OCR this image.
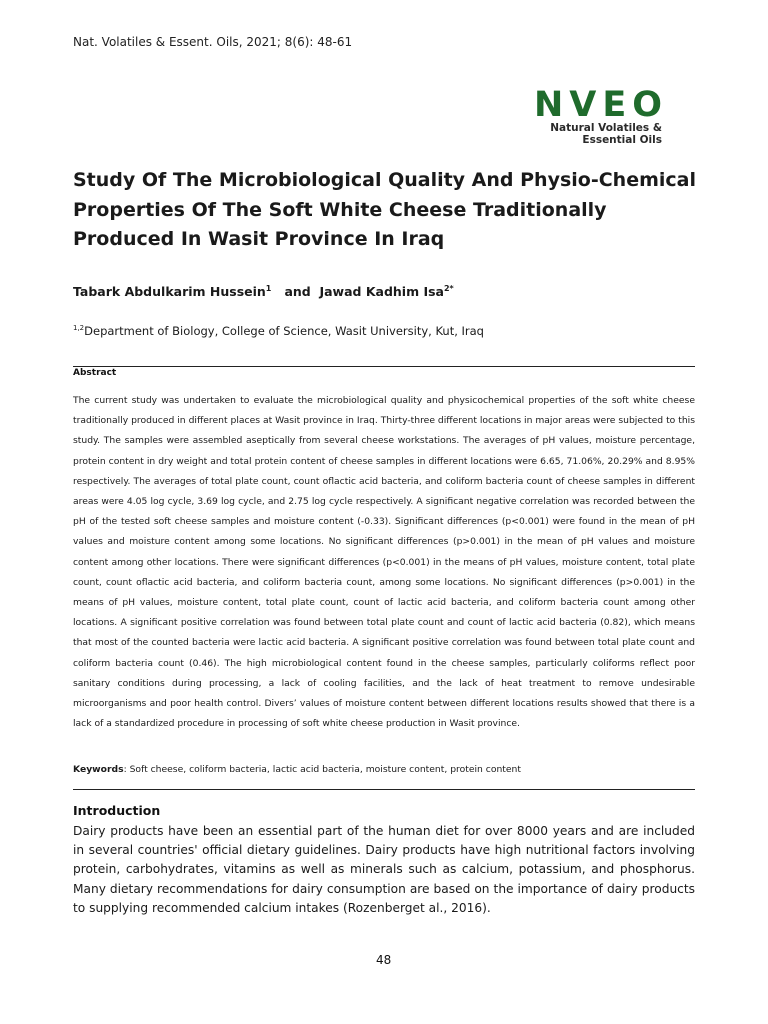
Nat. Volatiles & Essent. Oils, 2021; 8(6): 48-61
NVEO
Natural Volatiles &
Essential Oils
Study Of The Microbiological Quality And Physio-Chemical Properties Of The Soft White Cheese Traditionally Produced In Wasit Province In Iraq
Tabark Abdulkarim Hussein$^1$ and Jawad Kadhim Isa$^{2*}$
$^{1,2}$Department of Biology, College of Science, Wasit University, Kut, Iraq
Abstract
The current study was undertaken to evaluate the microbiological quality and physicochemical properties of the soft white cheese traditionally produced in different places at Wasit province in Iraq. Thirty-three different locations in major areas were subjected to this study. The samples were assembled aseptically from several cheese workstations. The averages of pH values, moisture percentage, protein content in dry weight and total protein content of cheese samples in different locations were 6.65, 71.06%, 20.29% and 8.95% respectively. The averages of total plate count, count oflactic acid bacteria, and coliform bacteria count of cheese samples in different areas were 4.05 log cycle, 3.69 log cycle, and 2.75 log cycle respectively. A significant negative correlation was recorded between the pH of the tested soft cheese samples and moisture content (-0.33). Significant differences (p<0.001) were found in the mean of pH values and moisture content among some locations. No significant differences (p>0.001) in the mean of pH values and moisture content among other locations. There were significant differences (p<0.001) in the means of pH values, moisture content, total plate count, count oflactic acid bacteria, and coliform bacteria count, among some locations. No significant differences (p>0.001) in the means of pH values, moisture content, total plate count, count of lactic acid bacteria, and coliform bacteria count among other locations. A significant positive correlation was found between total plate count and count of lactic acid bacteria (0.82), which means that most of the counted bacteria were lactic acid bacteria. A significant positive correlation was found between total plate count and coliform bacteria count (0.46). The high microbiological content found in the cheese samples, particularly coliforms reflect poor sanitary conditions during processing, a lack of cooling facilities, and the lack of heat treatment to remove undesirable microorganisms and poor health control. Divers’ values of moisture content between different locations results showed that there is a lack of a standardized procedure in processing of soft white cheese production in Wasit province.
Keywords: Soft cheese, coliform bacteria, lactic acid bacteria, moisture content, protein content
Introduction
Dairy products have been an essential part of the human diet for over 8000 years and are included in several countries' official dietary guidelines. Dairy products have high nutritional factors involving protein, carbohydrates, vitamins as well as minerals such as calcium, potassium, and phosphorus. Many dietary recommendations for dairy consumption are based on the importance of dairy products to supplying recommended calcium intakes (Rozenberget al., 2016).
48
